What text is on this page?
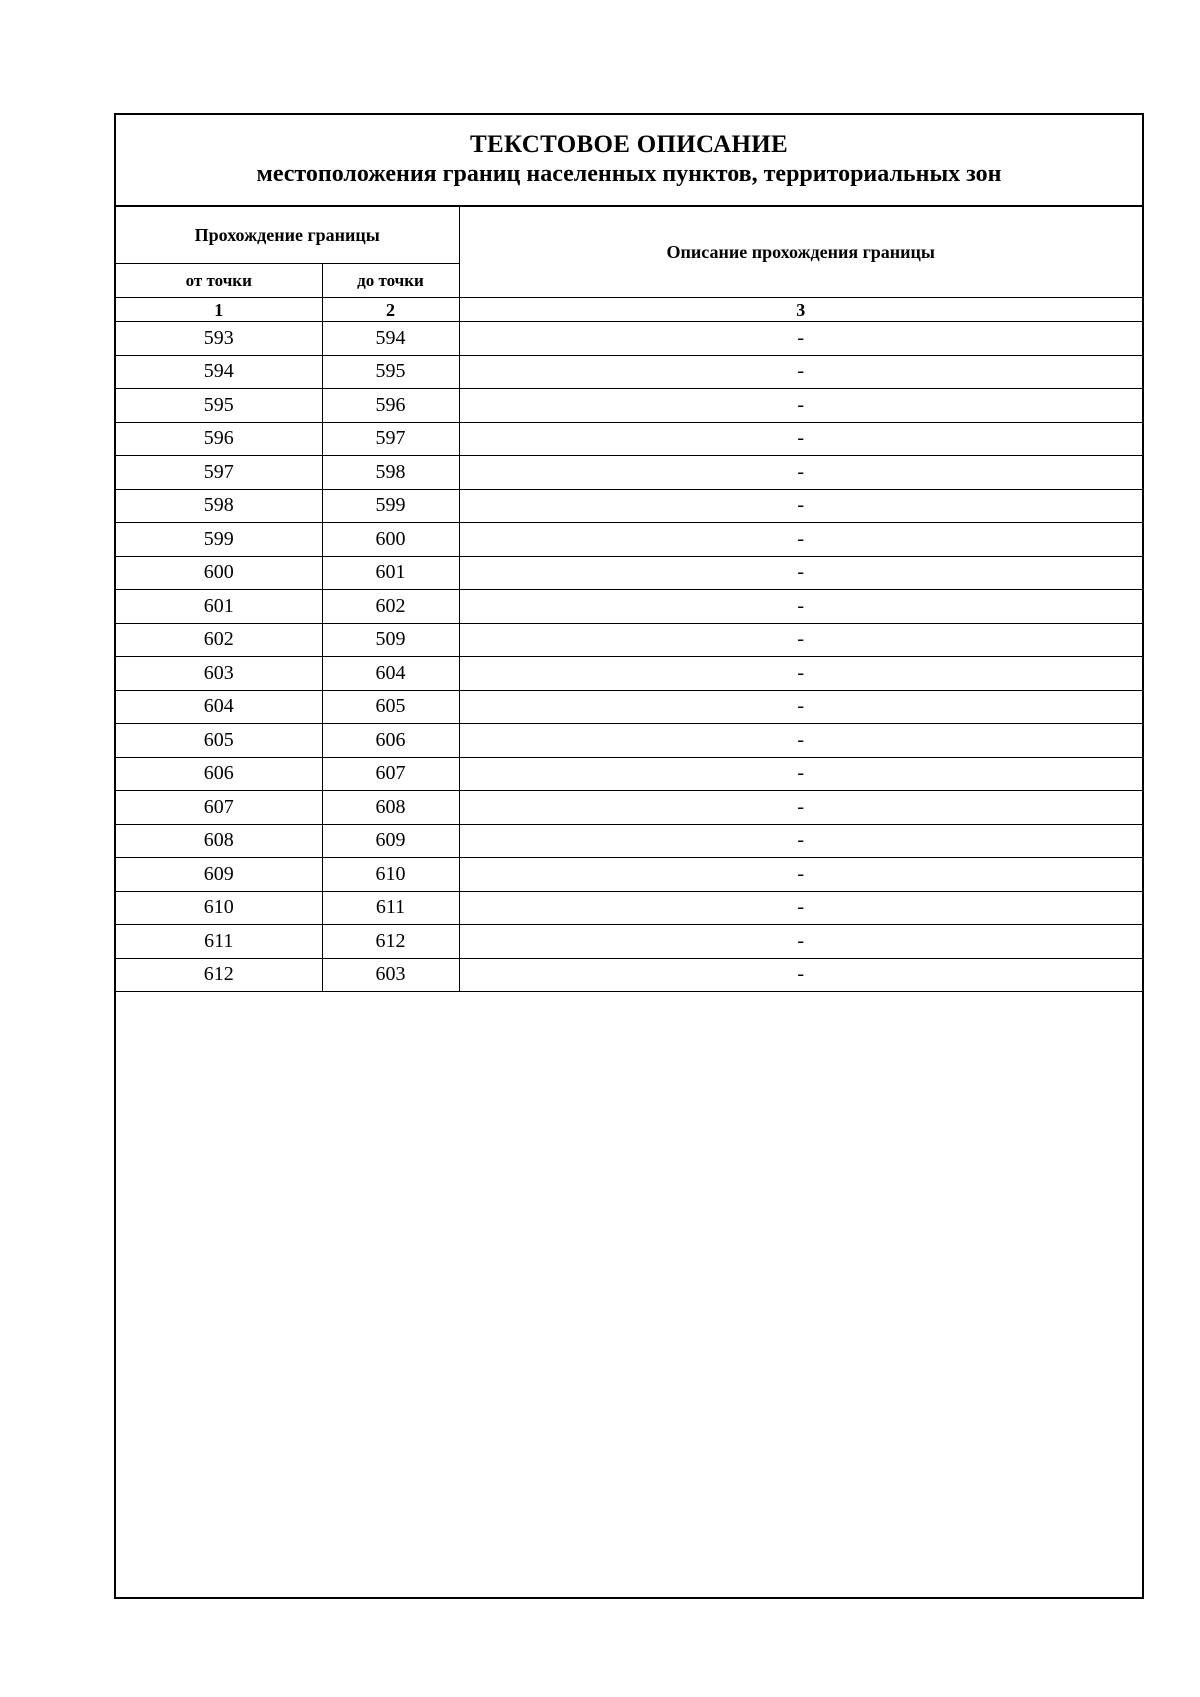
ТЕКСТОВОЕ ОПИСАНИЕ
местоположения границ населенных пунктов, территориальных зон
Прохождение границы		Описание прохождения границы
от точки	до точки	
1	2	3
593	594	-
594	595	-
595	596	-
596	597	-
597	598	-
598	599	-
599	600	-
600	601	-
601	602	-
602	509	-
603	604	-
604	605	-
605	606	-
606	607	-
607	608	-
608	609	-
609	610	-
610	611	-
611	612	-
612	603	-
